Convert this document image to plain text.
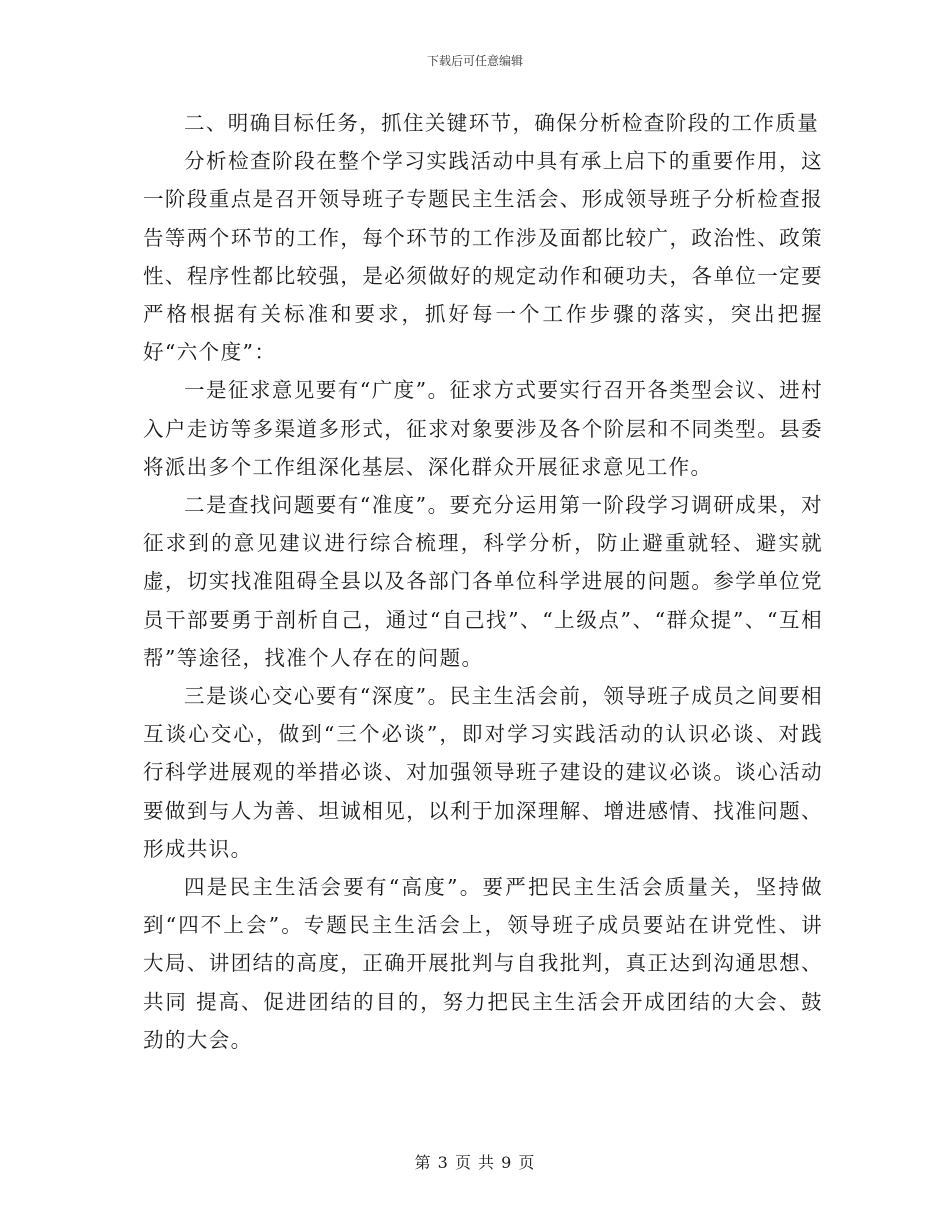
下载后可任意编辑

二、明确目标任务，抓住关键环节，确保分析检查阶段的工作质量

分析检查阶段在整个学习实践活动中具有承上启下的重要作用，这一阶段重点是召开领导班子专题民主生活会、形成领导班子分析检查报告等两个环节的工作，每个环节的工作涉及面都比较广，政治性、政策性、程序性都比较强，是必须做好的规定动作和硬功夫，各单位一定要严格根据有关标准和要求，抓好每一个工作步骤的落实，突出把握好“六个度”：

一是征求意见要有“广度”。征求方式要实行召开各类型会议、进村入户走访等多渠道多形式，征求对象要涉及各个阶层和不同类型。县委将派出多个工作组深化基层、深化群众开展征求意见工作。

二是查找问题要有“准度”。要充分运用第一阶段学习调研成果，对征求到的意见建议进行综合梳理，科学分析，防止避重就轻、避实就虚，切实找准阻碍全县以及各部门各单位科学进展的问题。参学单位党员干部要勇于剖析自己，通过“自己找”、“上级点”、“群众提”、“互相帮”等途径，找准个人存在的问题。

三是谈心交心要有“深度”。民主生活会前，领导班子成员之间要相互谈心交心，做到“三个必谈”，即对学习实践活动的认识必谈、对践行科学进展观的举措必谈、对加强领导班子建设的建议必谈。谈心活动要做到与人为善、坦诚相见，以利于加深理解、增进感情、找准问题、形成共识。

四是民主生活会要有“高度”。要严把民主生活会质量关，坚持做到“四不上会”。专题民主生活会上，领导班子成员要站在讲党性、讲大局、讲团结的高度，正确开展批判与自我批判，真正达到沟通思想、共同 提高、促进团结的目的，努力把民主生活会开成团结的大会、鼓劲的大会。

第 3 页 共 9 页
